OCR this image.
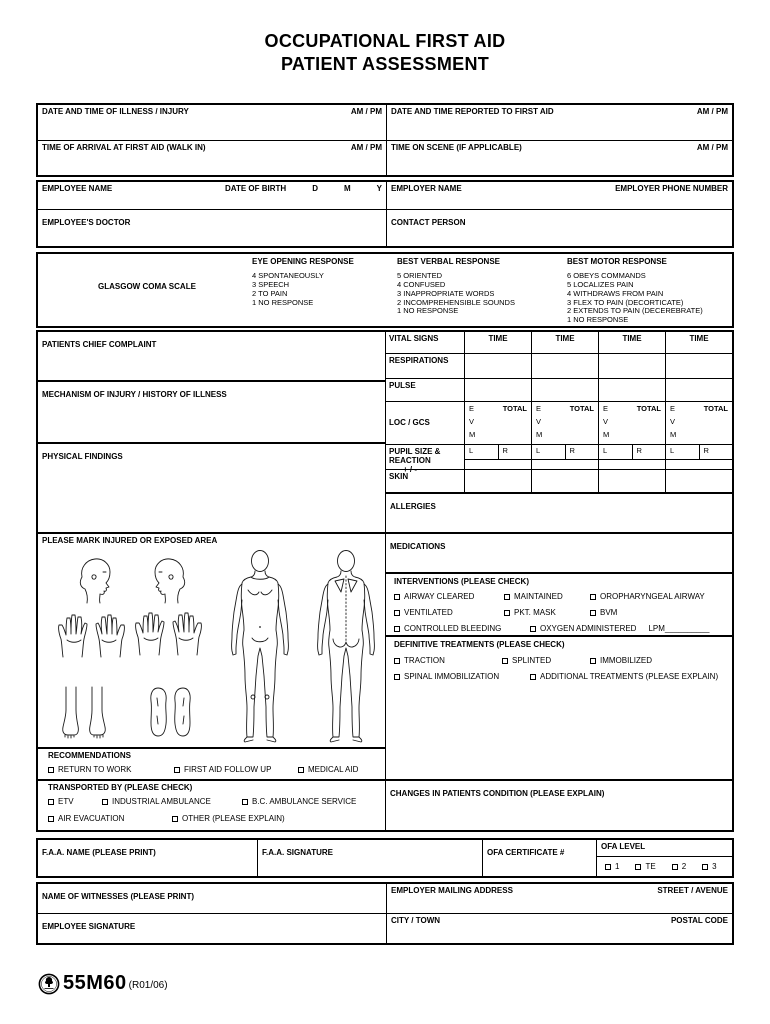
OCCUPATIONAL FIRST AID
PATIENT ASSESSMENT
DATE AND TIME OF ILLNESS / INJURY	AM / PM DATE AND TIME REPORTED TO FIRST AID	AM / PM
TIME OF ARRIVAL AT FIRST AID (WALK IN)	AM / PM TIME ON SCENE (IF APPLICABLE)	AM / PM
EMPLOYEE NAME	DATE OF BIRTH	D	M	Y EMPLOYER NAME	EMPLOYER PHONE NUMBER
EMPLOYEE'S DOCTOR	CONTACT PERSON
GLASGOW COMA SCALE
EYE OPENING RESPONSE
4 SPONTANEOUSLY
3 SPEECH
2 TO PAIN
1 NO RESPONSE
BEST VERBAL RESPONSE
5 ORIENTED
4 CONFUSED
3 INAPPROPRIATE WORDS
2 INCOMPREHENSIBLE SOUNDS
1 NO RESPONSE
BEST MOTOR RESPONSE
6 OBEYS COMMANDS
5 LOCALIZES PAIN
4 WITHDRAWS FROM PAIN
3 FLEX TO PAIN (DECORTICATE)
2 EXTENDS TO PAIN (DECEREBRATE)
1 NO RESPONSE
PATIENTS CHIEF COMPLAINT
MECHANISM OF INJURY / HISTORY OF ILLNESS
PHYSICAL FINDINGS
PLEASE MARK INJURED OR EXPOSED AREA
RECOMMENDATIONS
RETURN TO WORK	FIRST AID FOLLOW UP	MEDICAL AID
TRANSPORTED BY (PLEASE CHECK)
ETV	INDUSTRIAL AMBULANCE	B.C. AMBULANCE SERVICE
AIR EVACUATION	OTHER (PLEASE EXPLAIN)
VITAL SIGNS	TIME	TIME	TIME	TIME
RESPIRATIONS
PULSE
LOC / GCS
E	TOTAL
V
M
E	TOTAL
V
M
E	TOTAL
V
M
E	TOTAL
V
M
PUPIL SIZE &
REACTION
+ / -
L	R	L	R	L	R	L	R
SKIN
ALLERGIES
MEDICATIONS
INTERVENTIONS (PLEASE CHECK)
AIRWAY CLEARED	MAINTAINED	OROPHARYNGEAL AIRWAY
VENTILATED	PKT. MASK	BVM
CONTROLLED BLEEDING	OXYGEN ADMINISTERED LPM__________
DEFINITIVE TREATMENTS (PLEASE CHECK)
TRACTION	SPLINTED	IMMOBILIZED
SPINAL IMMOBILIZATION	ADDITIONAL TREATMENTS (PLEASE EXPLAIN)
CHANGES IN PATIENTS CONDITION (PLEASE EXPLAIN)
F.A.A. NAME (PLEASE PRINT)	F.A.A. SIGNATURE	OFA CERTIFICATE #
OFA LEVEL
1	TE	2	3
NAME OF WITNESSES (PLEASE PRINT)
EMPLOYER MAILING ADDRESS	STREET / AVENUE
EMPLOYEE SIGNATURE
CITY / TOWN	POSTAL CODE
55M60 (R01/06)
